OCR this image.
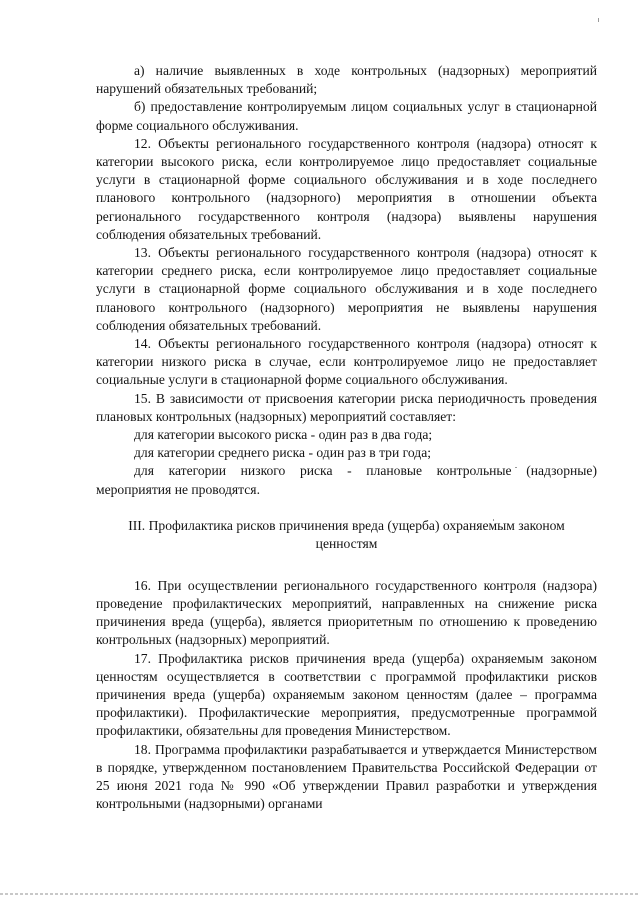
а) наличие выявленных в ходе контрольных (надзорных) мероприятий нарушений обязательных требований;

б) предоставление контролируемым лицом социальных услуг в стационарной форме социального обслуживания.

12. Объекты регионального государственного контроля (надзора) относят к категории высокого риска, если контролируемое лицо предоставляет социальные услуги в стационарной форме социального обслуживания и в ходе последнего планового контрольного (надзорного) мероприятия в отношении объекта регионального государственного контроля (надзора) выявлены нарушения соблюдения обязательных требований.

13. Объекты регионального государственного контроля (надзора) относят к категории среднего риска, если контролируемое лицо предоставляет социальные услуги в стационарной форме социального обслуживания и в ходе последнего планового контрольного (надзорного) мероприятия не выявлены нарушения соблюдения обязательных требований.

14. Объекты регионального государственного контроля (надзора) относят к категории низкого риска в случае, если контролируемое лицо не предоставляет социальные услуги в стационарной форме социального обслуживания.

15. В зависимости от присвоения категории риска периодичность проведения плановых контрольных (надзорных) мероприятий составляет:

для категории высокого риска - один раз в два года;

для категории среднего риска - один раз в три года;

для категории низкого риска - плановые контрольные (надзорные) мероприятия не проводятся.

III. Профилактика рисков причинения вреда (ущерба) охраняемым законом ценностям

16. При осуществлении регионального государственного контроля (надзора) проведение профилактических мероприятий, направленных на снижение риска причинения вреда (ущерба), является приоритетным по отношению к проведению контрольных (надзорных) мероприятий.

17. Профилактика рисков причинения вреда (ущерба) охраняемым законом ценностям осуществляется в соответствии с программой профилактики рисков причинения вреда (ущерба) охраняемым законом ценностям (далее – программа профилактики). Профилактические мероприятия, предусмотренные программой профилактики, обязательны для проведения Министерством.

18. Программа профилактики разрабатывается и утверждается Министерством в порядке, утвержденном постановлением Правительства Российской Федерации от 25 июня 2021 года № 990 «Об утверждении Правил разработки и утверждения контрольными (надзорными) органами
